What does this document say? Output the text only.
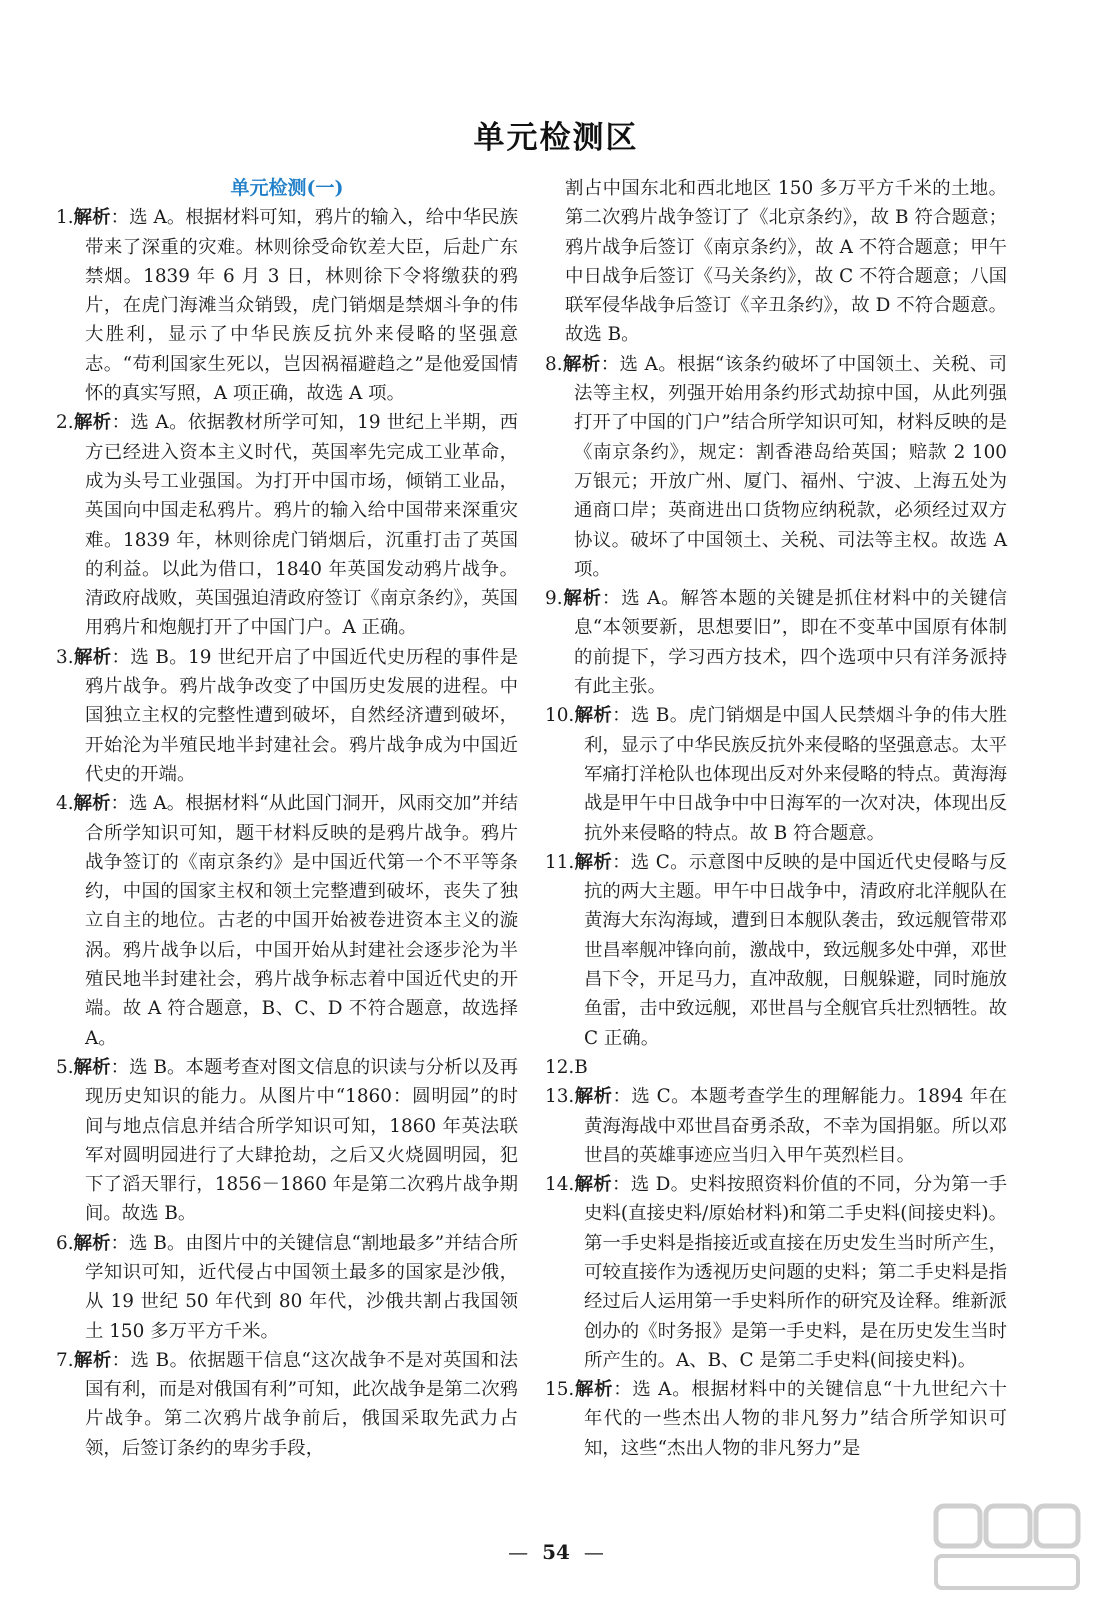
单元检测区
单元检测(一)
1.解析：选 A。根据材料可知，鸦片的输入，给中华民族带来了深重的灾难。林则徐受命钦差大臣，后赴广东禁烟。1839 年 6 月 3 日，林则徐下令将缴获的鸦片，在虎门海滩当众销毁，虎门销烟是禁烟斗争的伟大胜利，显示了中华民族反抗外来侵略的坚强意志。“苟利国家生死以，岂因祸福避趋之”是他爱国情怀的真实写照，A 项正确，故选 A 项。
2.解析：选 A。依据教材所学可知，19 世纪上半期，西方已经进入资本主义时代，英国率先完成工业革命，成为头号工业强国。为打开中国市场，倾销工业品，英国向中国走私鸦片。鸦片的输入给中国带来深重灾难。1839 年，林则徐虎门销烟后，沉重打击了英国的利益。以此为借口，1840 年英国发动鸦片战争。清政府战败，英国强迫清政府签订《南京条约》，英国用鸦片和炮舰打开了中国门户。A 正确。
3.解析：选 B。19 世纪开启了中国近代史历程的事件是鸦片战争。鸦片战争改变了中国历史发展的进程。中国独立主权的完整性遭到破坏，自然经济遭到破坏，开始沦为半殖民地半封建社会。鸦片战争成为中国近代史的开端。
4.解析：选 A。根据材料“从此国门洞开，风雨交加”并结合所学知识可知，题干材料反映的是鸦片战争。鸦片战争签订的《南京条约》是中国近代第一个不平等条约，中国的国家主权和领土完整遭到破坏，丧失了独立自主的地位。古老的中国开始被卷进资本主义的漩涡。鸦片战争以后，中国开始从封建社会逐步沦为半殖民地半封建社会，鸦片战争标志着中国近代史的开端。故 A 符合题意，B、C、D 不符合题意，故选择 A。
5.解析：选 B。本题考查对图文信息的识读与分析以及再现历史知识的能力。从图片中“1860：圆明园”的时间与地点信息并结合所学知识可知，1860 年英法联军对圆明园进行了大肆抢劫，之后又火烧圆明园，犯下了滔天罪行，1856－1860 年是第二次鸦片战争期间。故选 B。
6.解析：选 B。由图片中的关键信息“割地最多”并结合所学知识可知，近代侵占中国领土最多的国家是沙俄，从 19 世纪 50 年代到 80 年代，沙俄共割占我国领土 150 多万平方千米。
7.解析：选 B。依据题干信息“这次战争不是对英国和法国有利，而是对俄国有利”可知，此次战争是第二次鸦片战争。第二次鸦片战争前后，俄国采取先武力占领，后签订条约的卑劣手段，
割占中国东北和西北地区 150 多万平方千米的土地。第二次鸦片战争签订了《北京条约》，故 B 符合题意；鸦片战争后签订《南京条约》，故 A 不符合题意；甲午中日战争后签订《马关条约》，故 C 不符合题意；八国联军侵华战争后签订《辛丑条约》，故 D 不符合题意。故选 B。
8.解析：选 A。根据“该条约破坏了中国领土、关税、司法等主权，列强开始用条约形式劫掠中国，从此列强打开了中国的门户”结合所学知识可知，材料反映的是《南京条约》，规定：割香港岛给英国；赔款 2 100 万银元；开放广州、厦门、福州、宁波、上海五处为通商口岸；英商进出口货物应纳税款，必须经过双方协议。破坏了中国领土、关税、司法等主权。故选 A 项。
9.解析：选 A。解答本题的关键是抓住材料中的关键信息“本领要新，思想要旧”，即在不变革中国原有体制的前提下，学习西方技术，四个选项中只有洋务派持有此主张。
10.解析：选 B。虎门销烟是中国人民禁烟斗争的伟大胜利，显示了中华民族反抗外来侵略的坚强意志。太平军痛打洋枪队也体现出反对外来侵略的特点。黄海海战是甲午中日战争中中日海军的一次对决，体现出反抗外来侵略的特点。故 B 符合题意。
11.解析：选 C。示意图中反映的是中国近代史侵略与反抗的两大主题。甲午中日战争中，清政府北洋舰队在黄海大东沟海域，遭到日本舰队袭击，致远舰管带邓世昌率舰冲锋向前，激战中，致远舰多处中弹，邓世昌下令，开足马力，直冲敌舰，日舰躲避，同时施放鱼雷，击中致远舰，邓世昌与全舰官兵壮烈牺牲。故 C 正确。
12.B
13.解析：选 C。本题考查学生的理解能力。1894 年在黄海海战中邓世昌奋勇杀敌，不幸为国捐躯。所以邓世昌的英雄事迹应当归入甲午英烈栏目。
14.解析：选 D。史料按照资料价值的不同，分为第一手史料(直接史料/原始材料)和第二手史料(间接史料)。第一手史料是指接近或直接在历史发生当时所产生，可较直接作为透视历史问题的史料；第二手史料是指经过后人运用第一手史料所作的研究及诠释。维新派创办的《时务报》是第一手史料，是在历史发生当时所产生的。A、B、C 是第二手史料(间接史料)。
15.解析：选 A。根据材料中的关键信息“十九世纪六十年代的一些杰出人物的非凡努力”结合所学知识可知，这些“杰出人物的非凡努力”是
— 54 —
